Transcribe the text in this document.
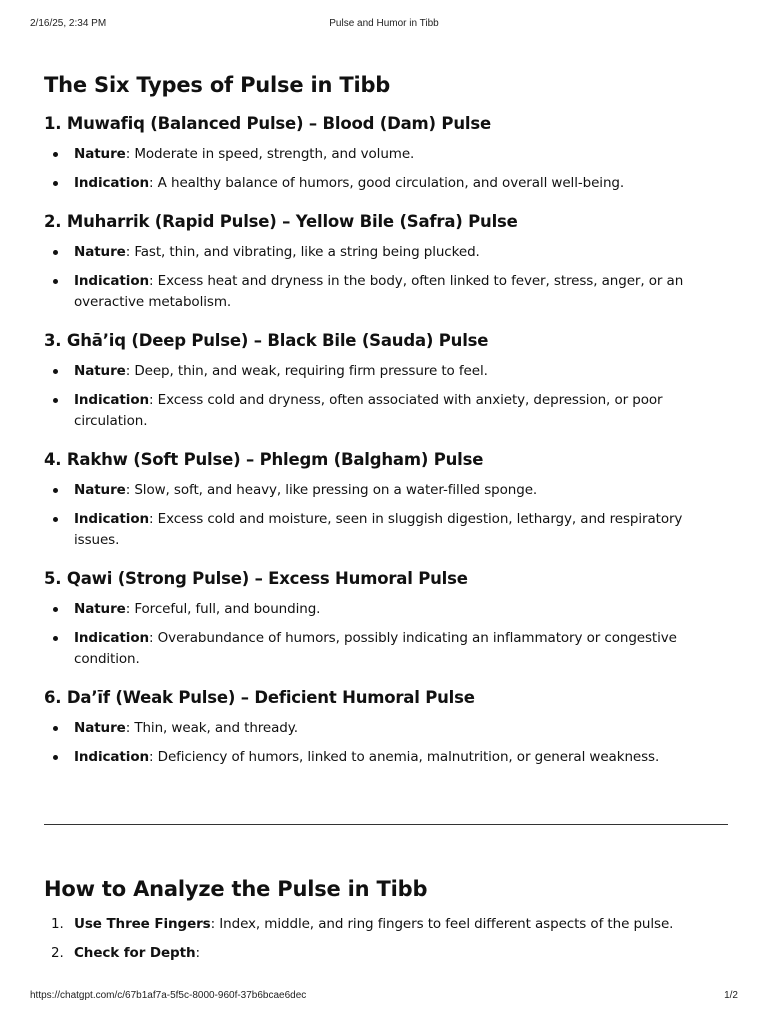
2/16/25, 2:34 PM	Pulse and Humor in Tibb
The Six Types of Pulse in Tibb
1. Muwafiq (Balanced Pulse) – Blood (Dam) Pulse
Nature: Moderate in speed, strength, and volume.
Indication: A healthy balance of humors, good circulation, and overall well-being.
2. Muharrik (Rapid Pulse) – Yellow Bile (Safra) Pulse
Nature: Fast, thin, and vibrating, like a string being plucked.
Indication: Excess heat and dryness in the body, often linked to fever, stress, anger, or an overactive metabolism.
3. Ghā’iq (Deep Pulse) – Black Bile (Sauda) Pulse
Nature: Deep, thin, and weak, requiring firm pressure to feel.
Indication: Excess cold and dryness, often associated with anxiety, depression, or poor circulation.
4. Rakhw (Soft Pulse) – Phlegm (Balgham) Pulse
Nature: Slow, soft, and heavy, like pressing on a water-filled sponge.
Indication: Excess cold and moisture, seen in sluggish digestion, lethargy, and respiratory issues.
5. Qawi (Strong Pulse) – Excess Humoral Pulse
Nature: Forceful, full, and bounding.
Indication: Overabundance of humors, possibly indicating an inflammatory or congestive condition.
6. Da’īf (Weak Pulse) – Deficient Humoral Pulse
Nature: Thin, weak, and thready.
Indication: Deficiency of humors, linked to anemia, malnutrition, or general weakness.
How to Analyze the Pulse in Tibb
1. Use Three Fingers: Index, middle, and ring fingers to feel different aspects of the pulse.
2. Check for Depth:
https://chatgpt.com/c/67b1af7a-5f5c-8000-960f-37b6bcae6dec	1/2
